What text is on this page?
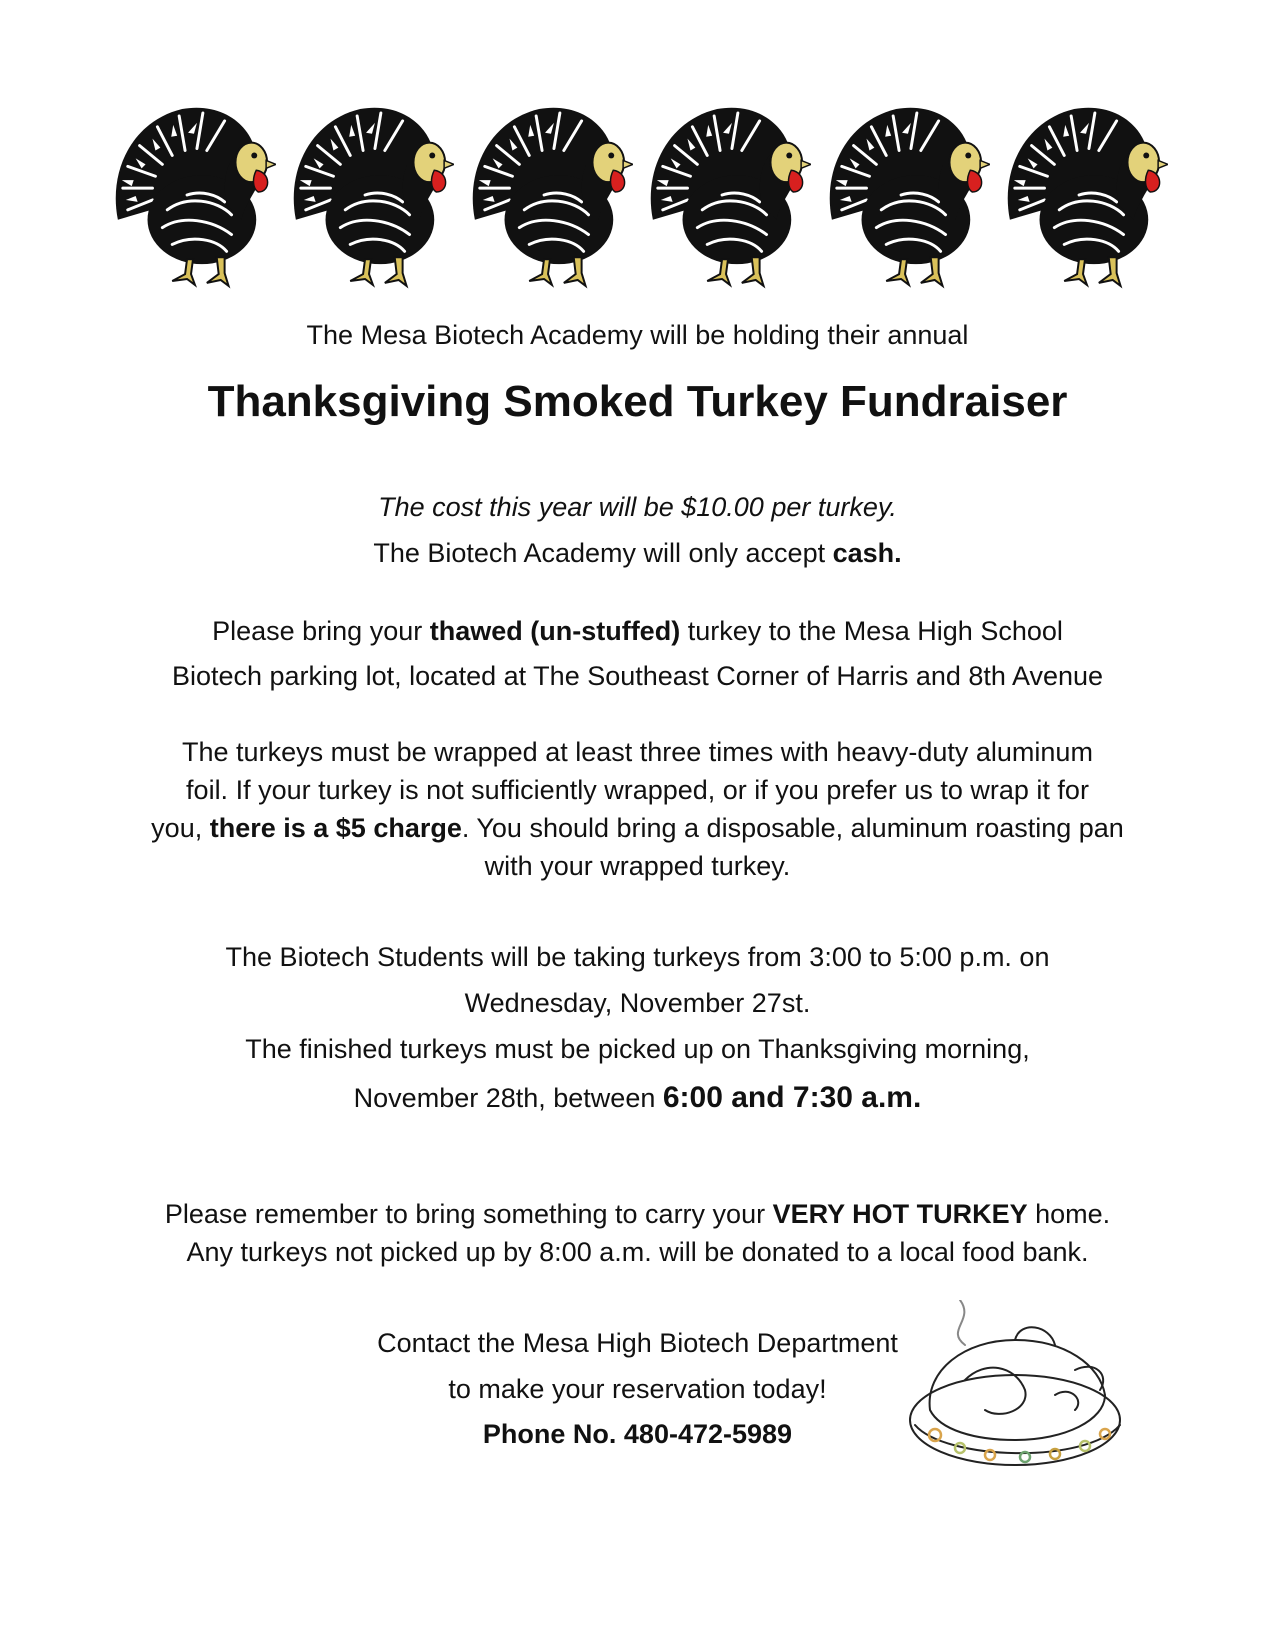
The Mesa Biotech Academy will be holding their annual

Thanksgiving Smoked Turkey Fundraiser

The cost this year will be $10.00 per turkey.

The Biotech Academy will only accept cash.

Please bring your thawed (un-stuffed) turkey to the Mesa High School

Biotech parking lot, located at The Southeast Corner of Harris and 8th Avenue

The turkeys must be wrapped at least three times with heavy-duty aluminum

foil. If your turkey is not sufficiently wrapped, or if you prefer us to wrap it for

you, there is a $5 charge. You should bring a disposable, aluminum roasting pan

with your wrapped turkey.

The Biotech Students will be taking turkeys from 3:00 to 5:00 p.m. on

Wednesday, November 27st.

The finished turkeys must be picked up on Thanksgiving morning,

November 28th, between 6:00 and 7:30 a.m.

Please remember to bring something to carry your VERY HOT TURKEY home.

Any turkeys not picked up by 8:00 a.m. will be donated to a local food bank.

Contact the Mesa High Biotech Department

to make your reservation today!

Phone No. 480-472-5989
